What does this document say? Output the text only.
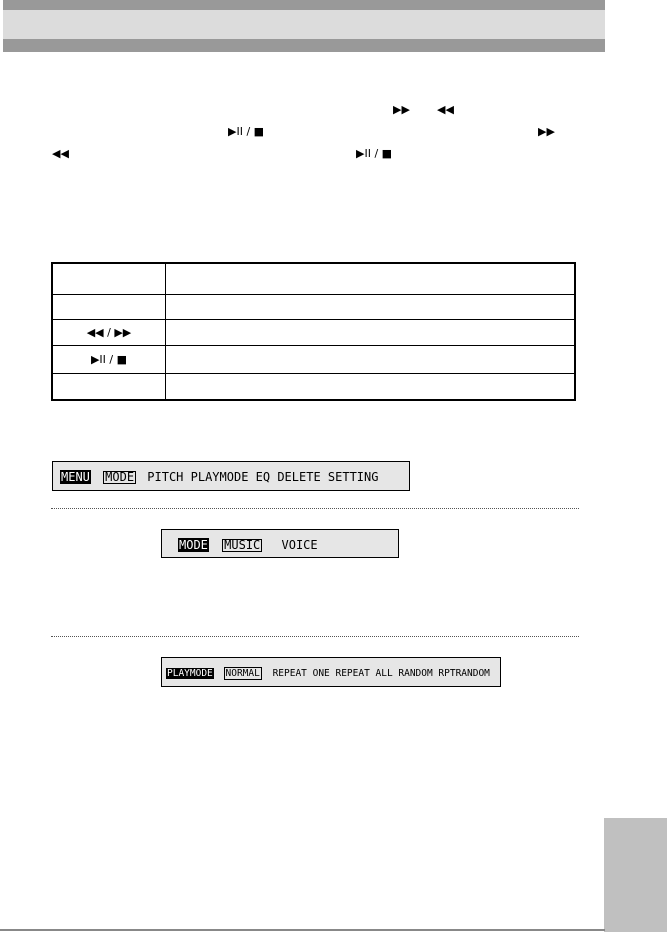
▶▶ ◀◀
▶II / ■	▶▶
◀◀	▶II / ■
◀◀ / ▶▶
▶II / ■
MENU MODE PITCH PLAYMODE EQ DELETE SETTING
MODE MUSIC VOICE
PLAYMODE NORMAL REPEAT ONE REPEAT ALL RANDOM RPTRANDOM
